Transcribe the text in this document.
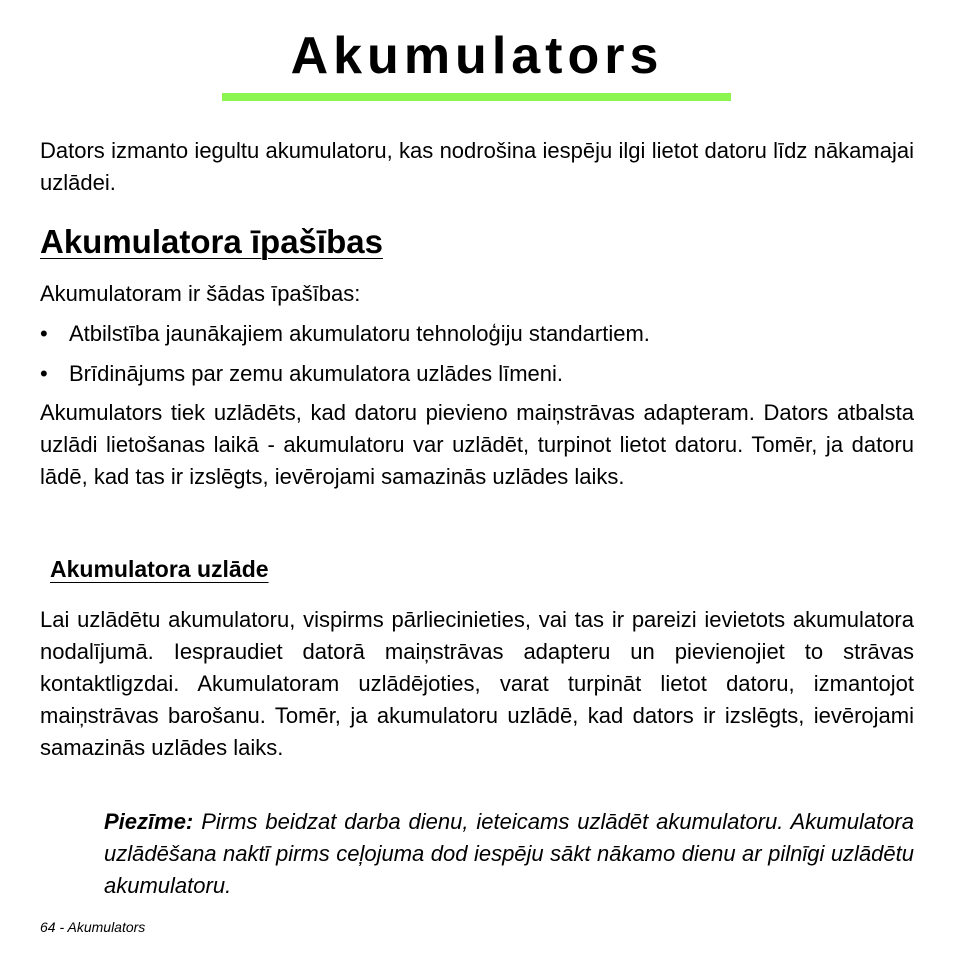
Akumulators

Dators izmanto iegultu akumulatoru, kas nodrošina iespēju ilgi lietot datoru līdz nākamajai uzlādei.

Akumulatora īpašības

Akumulatoram ir šādas īpašības:

• Atbilstība jaunākajiem akumulatoru tehnoloģiju standartiem.
• Brīdinājums par zemu akumulatora uzlādes līmeni.

Akumulators tiek uzlādēts, kad datoru pievieno maiņstrāvas adapteram. Dators atbalsta uzlādi lietošanas laikā - akumulatoru var uzlādēt, turpinot lietot datoru. Tomēr, ja datoru lādē, kad tas ir izslēgts, ievērojami samazinās uzlādes laiks.

Akumulatora uzlāde

Lai uzlādētu akumulatoru, vispirms pārliecinieties, vai tas ir pareizi ievietots akumulatora nodalījumā. Iespraudiet datorā maiņstrāvas adapteru un pievienojiet to strāvas kontaktligzdai. Akumulatoram uzlādējoties, varat turpināt lietot datoru, izmantojot maiņstrāvas barošanu. Tomēr, ja akumulatoru uzlādē, kad dators ir izslēgts, ievērojami samazinās uzlādes laiks.

Piezīme: Pirms beidzat darba dienu, ieteicams uzlādēt akumulatoru. Akumulatora uzlādēšana naktī pirms ceļojuma dod iespēju sākt nākamo dienu ar pilnīgi uzlādētu akumulatoru.

64 - Akumulators
